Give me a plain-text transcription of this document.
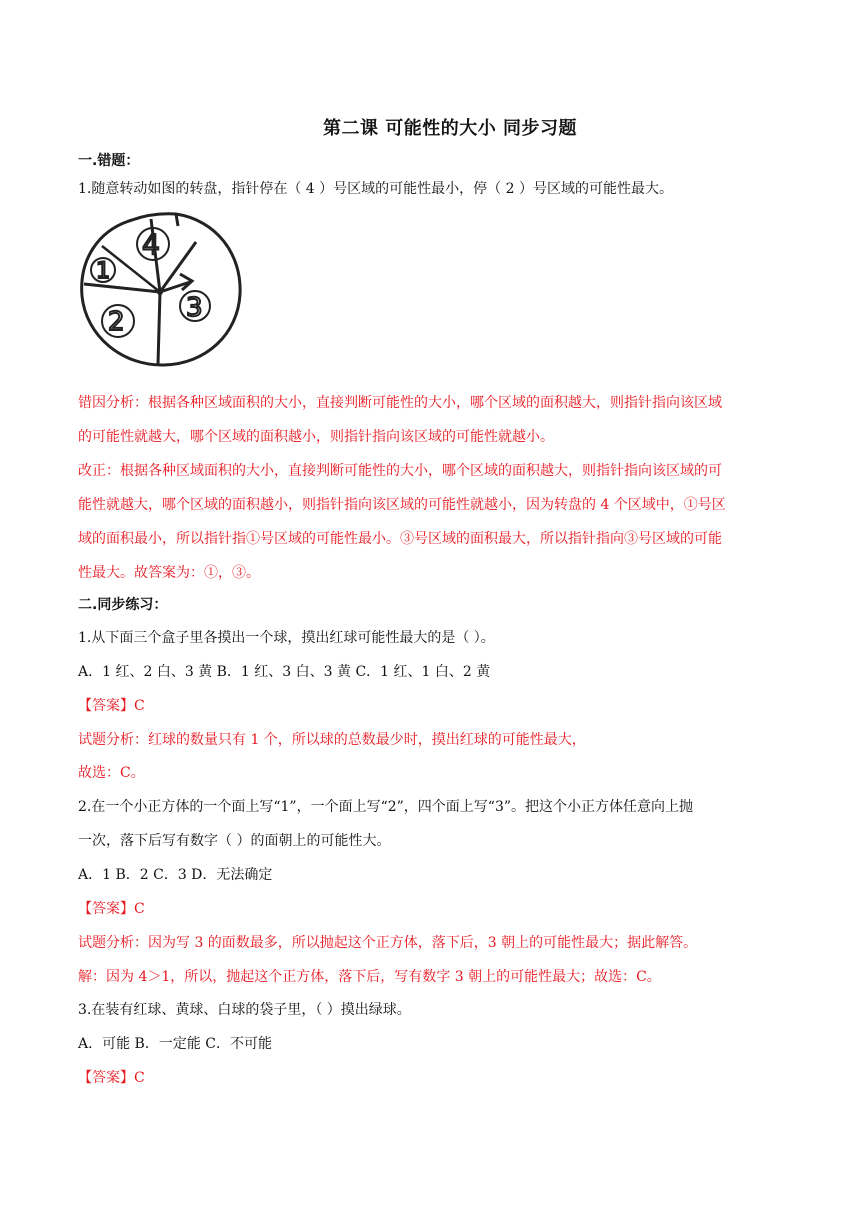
第二课 可能性的大小 同步习题
一.错题：
1.随意转动如图的转盘，指针停在（ 4 ）号区域的可能性最小，停（ 2 ）号区域的可能性最大。
4
1
2 3
错因分析：根据各种区域面积的大小，直接判断可能性的大小，哪个区域的面积越大，则指针指向该区域
的可能性就越大，哪个区域的面积越小，则指针指向该区域的可能性就越小。
改正：根据各种区域面积的大小，直接判断可能性的大小，哪个区域的面积越大，则指针指向该区域的可
能性就越大，哪个区域的面积越小，则指针指向该区域的可能性就越小，因为转盘的 4 个区域中，①号区
域的面积最小，所以指针指①号区域的可能性最小。③号区域的面积最大，所以指针指向③号区域的可能
性最大。故答案为：①，③。
二.同步练习：
1.从下面三个盒子里各摸出一个球，摸出红球可能性最大的是（ ）。
A．1 红、2 白、3 黄 B．1 红、3 白、3 黄 C．1 红、1 白、2 黄
【答案】C
试题分析：红球的数量只有 1 个，所以球的总数最少时，摸出红球的可能性最大，
故选：C。
2.在一个小正方体的一个面上写“1”，一个面上写“2”，四个面上写“3”。把这个小正方体任意向上抛
一次，落下后写有数字（ ）的面朝上的可能性大。
A．1 B．2 C．3 D．无法确定
【答案】C
试题分析：因为写 3 的面数最多，所以抛起这个正方体，落下后，3 朝上的可能性最大；据此解答。
解：因为 4＞1，所以，抛起这个正方体，落下后，写有数字 3 朝上的可能性最大；故选：C。
3.在装有红球、黄球、白球的袋子里，（ ）摸出绿球。
A．可能 B．一定能 C．不可能
【答案】C
